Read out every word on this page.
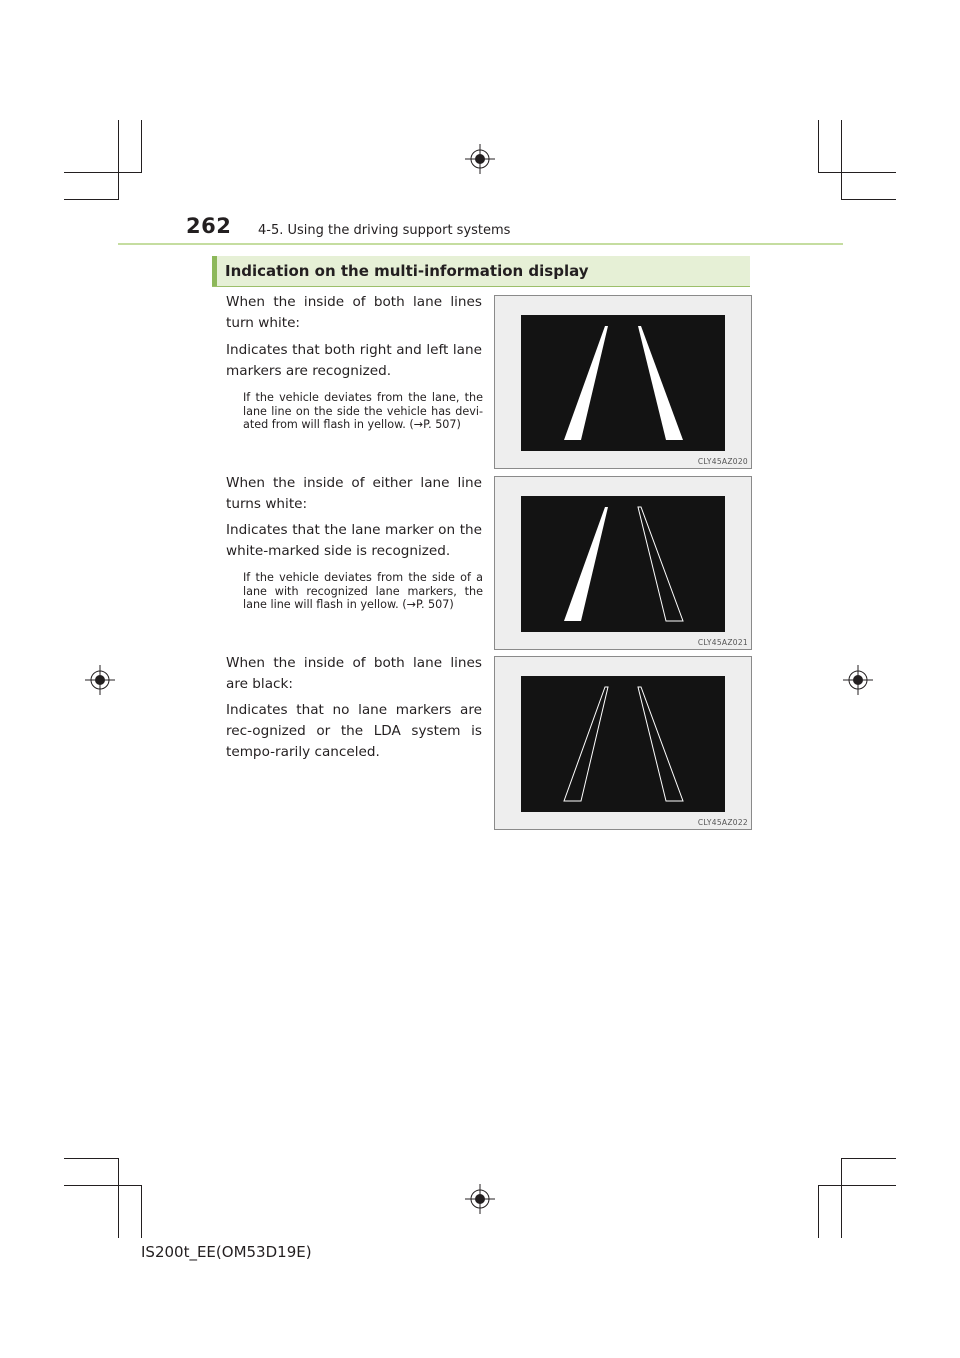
262 4-5. Using the driving support systems
Indication on the multi-information display
When the inside of both lane lines turn white:
Indicates that both right and left lane markers are recognized.
If the vehicle deviates from the lane, the lane line on the side the vehicle has devi-ated from will flash in yellow. (→P. 507)
CLY45AZ020
When the inside of either lane line turns white:
Indicates that the lane marker on the white-marked side is recognized.
If the vehicle deviates from the side of a lane with recognized lane markers, the lane line will flash in yellow. (→P. 507)
CLY45AZ021
When the inside of both lane lines are black:
Indicates that no lane markers are rec-ognized or the LDA system is tempo-rarily canceled.
CLY45AZ022
IS200t_EE(OM53D19E)
